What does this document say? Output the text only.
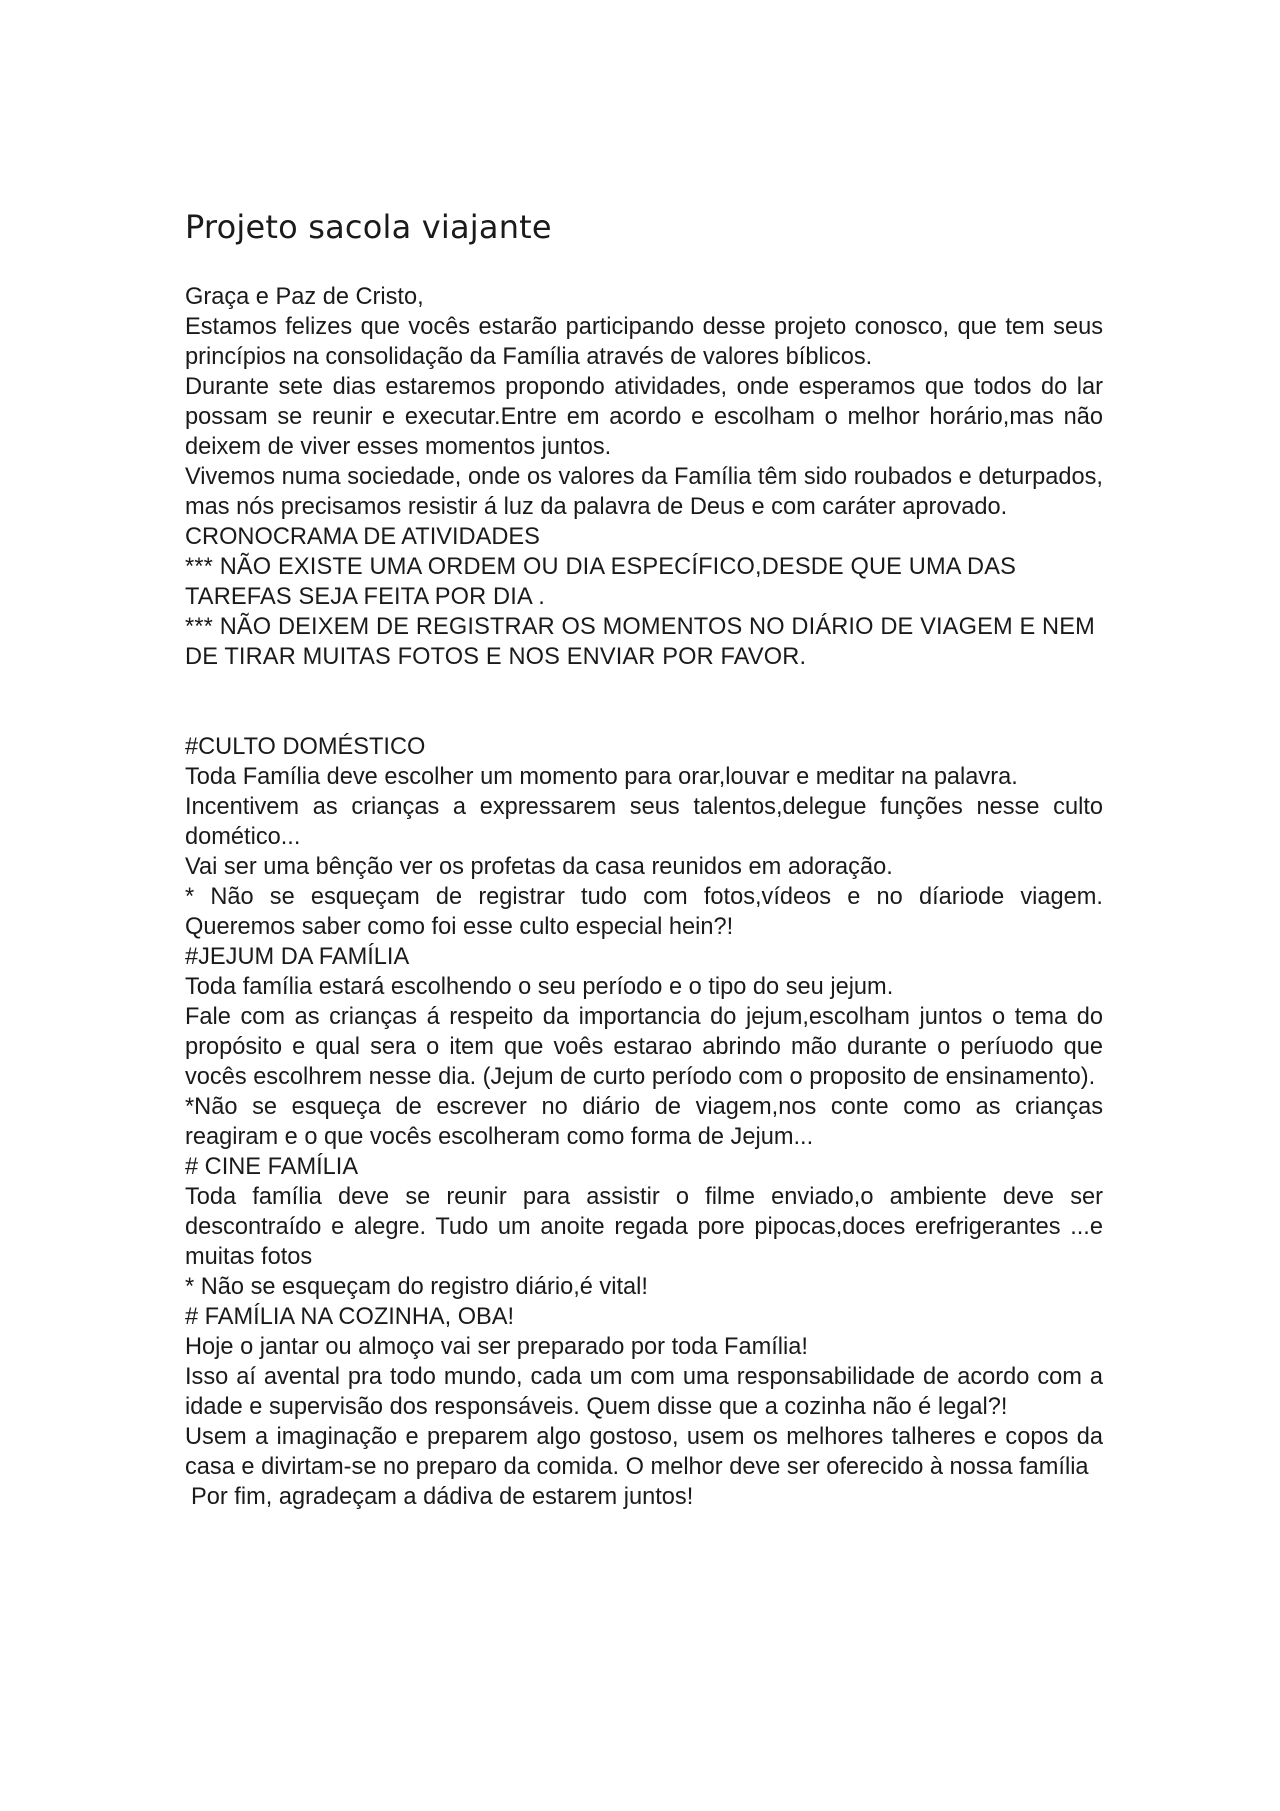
Projeto sacola viajante

Graça e Paz de Cristo,

Estamos felizes que vocês estarão participando desse projeto conosco, que tem seus princípios na consolidação da Família através de valores bíblicos.

Durante sete dias estaremos propondo atividades, onde esperamos que todos do lar possam se reunir e executar.Entre em acordo e escolham o melhor horário,mas não deixem de viver esses momentos juntos.

Vivemos numa sociedade, onde os valores da Família têm sido roubados e deturpados, mas nós precisamos resistir á luz da palavra de Deus e com caráter aprovado.

CRONOCRAMA DE ATIVIDADES

*** NÃO EXISTE UMA ORDEM OU DIA ESPECÍFICO,DESDE QUE UMA DAS TAREFAS SEJA FEITA POR DIA .

*** NÃO DEIXEM DE REGISTRAR OS MOMENTOS NO DIÁRIO DE VIAGEM E NEM DE TIRAR MUITAS FOTOS E NOS ENVIAR POR FAVOR.

#CULTO DOMÉSTICO

Toda Família deve escolher um momento para orar,louvar e meditar na palavra.

Incentivem as crianças a expressarem seus talentos,delegue funções nesse culto domético...

Vai ser uma bênção ver os profetas da casa reunidos em adoração.

* Não se esqueçam de registrar tudo com fotos,vídeos e no díariode viagem. Queremos saber como foi esse culto especial hein?!

#JEJUM DA FAMÍLIA

Toda família estará escolhendo o seu período e o tipo do seu jejum.

Fale com as crianças á respeito da importancia do jejum,escolham juntos o tema do propósito e qual sera o item que voês estarao abrindo mão durante o períuodo que vocês escolhrem nesse dia. (Jejum de curto período com o proposito de ensinamento).

*Não se esqueça de escrever no diário de viagem,nos conte como as crianças reagiram e o que vocês escolheram como forma de Jejum...

# CINE FAMÍLIA

Toda família deve se reunir para assistir o filme enviado,o ambiente deve ser descontraído e alegre. Tudo um anoite regada pore pipocas,doces erefrigerantes ...e muitas fotos

* Não se esqueçam do registro diário,é vital!

# FAMÍLIA NA COZINHA, OBA!

Hoje o jantar ou almoço vai ser preparado por toda Família!

Isso aí avental pra todo mundo, cada um com uma responsabilidade de acordo com a idade e supervisão dos responsáveis. Quem disse que a cozinha não é legal?!

Usem a imaginação e preparem algo gostoso, usem os melhores talheres e copos da casa e divirtam-se no preparo da comida. O melhor deve ser oferecido à nossa família

Por fim, agradeçam a dádiva de estarem juntos!
